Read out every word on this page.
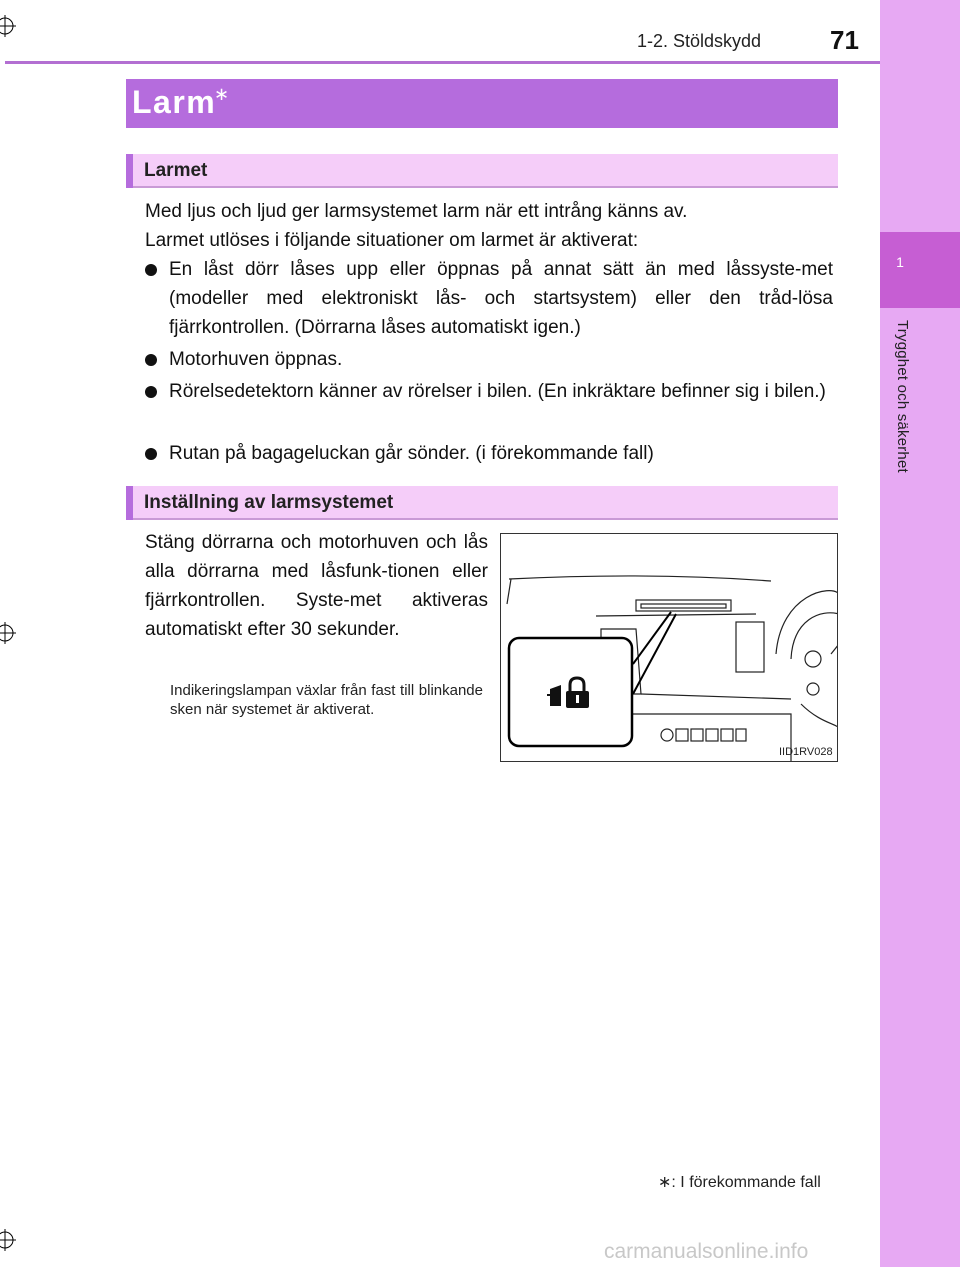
1
Trygghet och säkerhet
1-2. Stöldskydd	71
Larm
∗
Larmet
Med ljus och ljud ger larmsystemet larm när ett intrång känns av.
Larmet utlöses i följande situationer om larmet är aktiverat:
En låst dörr låses upp eller öppnas på annat sätt än med låssyste-met (modeller med elektroniskt lås- och startsystem) eller den tråd-lösa fjärrkontrollen. (Dörrarna låses automatiskt igen.)
Motorhuven öppnas.
Rörelsedetektorn känner av rörelser i bilen. (En inkräktare befinner sig i bilen.)
Rutan på bagageluckan går sönder. (i förekommande fall)
Inställning av larmsystemet
Stäng dörrarna och motorhuven och lås alla dörrarna med låsfunk-tionen eller fjärrkontrollen. Syste-met aktiveras automatiskt efter 30 sekunder.
Indikeringslampan växlar från fast till blinkande sken när systemet är aktiverat.
IID1RV028
∗: I förekommande fall
carmanualsonline.info
